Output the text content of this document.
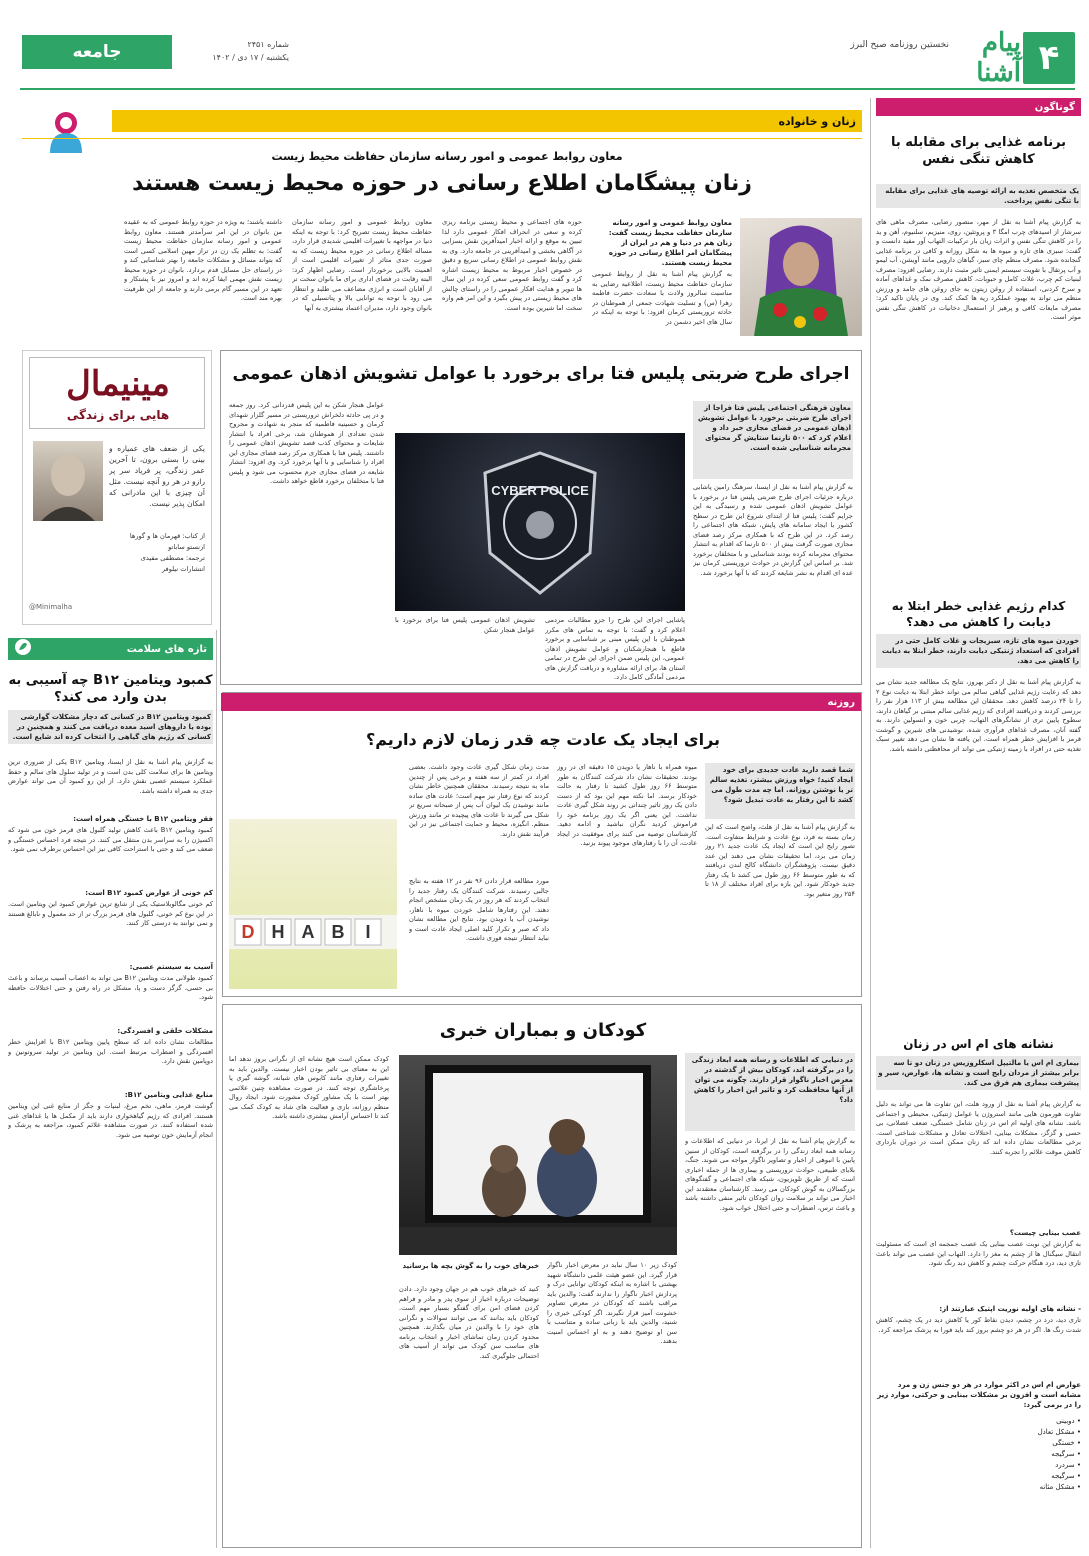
۴
پیام آشنا
نخستین روزنامه صبح البرز
شماره ۲۴۵۱
یکشنبه / ۱۷ دی / ۱۴۰۲
جامعه
گوناگون
برنامه غذایی برای مقابله با کاهش تنگی نفس
یک متخصص تغذیه به ارائه توصیه های غذایی برای مقابله با تنگی نفس پرداخت.
به گزارش پیام آشنا به نقل از مهر، منصور رضایی، مصرف ماهی های سرشار از اسیدهای چرب امگا ۳ و پروتئین، روی، منیزیم، سلنیوم، آهن و ید را در کاهش تنگی نفس و اثرات زیان بار ترکیبات التهاب آور مفید دانست و گفت: سبزی های تازه و میوه ها به شکل روزانه و کافی در برنامه غذایی گنجانده شود. مصرف منظم چای سبز، گیاهان دارویی مانند آویشن، آب لیمو و آب پرتقال با تقویت سیستم ایمنی تاثیر مثبت دارند. رضایی افزود: مصرف لبنیات کم چرب، غلات کامل و حبوبات، کاهش مصرف نمک و غذاهای آماده و سرخ کردنی، استفاده از روغن زیتون به جای روغن های جامد و ورزش منظم می تواند به بهبود عملکرد ریه ها کمک کند. وی در پایان تاکید کرد: مصرف مایعات کافی و پرهیز از استعمال دخانیات در کاهش تنگی نفس موثر است.
کدام رژیم غذایی خطر ابتلا به دیابت را کاهش می دهد؟
خوردن میوه های تازه، سبزیجات و غلات کامل حتی در افرادی که استعداد ژنتیکی دیابت دارند، خطر ابتلا به دیابت را کاهش می دهد.
به گزارش پیام آشنا به نقل از دکتر بهروز، نتایج یک مطالعه جدید نشان می دهد که رعایت رژیم غذایی گیاهی سالم می تواند خطر ابتلا به دیابت نوع ۲ را تا ۲۴ درصد کاهش دهد. محققان این مطالعه بیش از ۱۱۳ هزار نفر را بررسی کردند و دریافتند افرادی که رژیم غذایی سالم مبتنی بر گیاهان دارند، سطوح پایین تری از نشانگرهای التهاب، چربی خون و انسولین دارند. به گفته آنان، مصرف غذاهای فرآوری شده، نوشیدنی های شیرین و گوشت قرمز با افزایش خطر همراه است. این یافته ها نشان می دهد تغییر سبک تغذیه حتی در افراد با زمینه ژنتیکی می تواند اثر محافظتی داشته باشد.
نشانه های ام اس در زنان
بیماری ام اس یا مالتیپل اسکلروزیس در زنان دو تا سه برابر بیشتر از مردان رایج است و نشانه ها، عوارض، سیر و پیشرفت بیماری هم فرق می کند.
به گزارش پیام آشنا به نقل از ورود هلت، این تفاوت ها می تواند به دلیل تفاوت هورمون هایی مانند استروژن یا عوامل ژنتیکی، محیطی و اجتماعی باشد. نشانه های اولیه ام اس در زنان شامل خستگی، ضعف عضلانی، بی حسی و گزگز، مشکلات بینایی، اختلالات تعادل و مشکلات شناختی است. برخی مطالعات نشان داده اند که زنان ممکن است در دوران بارداری کاهش موقت علائم را تجربه کنند.
عصب بینایی چیست؟
به گزارش این نوبت عصب بینایی یک عصب جمجمه ای است که مسئولیت انتقال سیگنال ها از چشم به مغز را دارد. التهاب این عصب می تواند باعث تاری دید، درد هنگام حرکت چشم و کاهش دید رنگ شود.
- نشانه های اولیه نوریت اپتیک عبارتند از:
تاری دید، درد در چشم، دیدن نقاط کور یا کاهش دید در یک چشم، کاهش شدت رنگ ها. اگر در هر دو چشم بروز کند باید فورا به پزشک مراجعه کرد.
عوارض ام اس در اکثر موارد در هر دو جنس زن و مرد مشابه است و افزون بر مشکلات بینایی و حرکتی، موارد زیر را در برمی گیرد:
• دوبینی
• مشکل تعادل
• خستگی
• سرگیجه
• سردرد
• سرگیجه
• مشکل مثانه
زنان و خانواده
معاون روابط عمومی و امور رسانه سازمان حفاظت محیط زیست
زنان پیشگامان اطلاع رسانی در حوزه محیط زیست هستند
معاون روابط عمومی و امور رسانه سازمان حفاظت محیط زیست گفت: زنان هم در دنیا و هم در ایران از پیشگامان امر اطلاع رسانی در حوزه محیط زیست هستند.
به گزارش پیام آشنا به نقل از روابط عمومی سازمان حفاظت محیط زیست، اطلاعیه رضایی به مناسبت سالروز ولادت با سعادت حضرت فاطمه زهرا (س) و تسلیت شهادت جمعی از هموطنان در حادثه تروریستی کرمان افزود: با توجه به اینکه در سال های اخیر دشمن در
حوزه های اجتماعی و محیط زیستی برنامه ریزی کرده و سعی در انحراف افکار عمومی دارد لذا تبیین به موقع و ارائه اخبار امیدآفرین نقش بسزایی در آگاهی بخشی و امیدآفرینی در جامعه دارد. وی به نقش روابط عمومی در اطلاع رسانی سریع و دقیق در خصوص اخبار مربوط به محیط زیست اشاره کرد و گفت روابط عمومی سعی کرده در این سال ها تنویر و هدایت افکار عمومی را در راستای چالش های محیط زیستی در پیش بگیرد و این امر هم واره سخت اما شیرین بوده است.
معاون روابط عمومی و امور رسانه سازمان حفاظت محیط زیست تصریح کرد: با توجه به اینکه دنیا در مواجهه با تغییرات اقلیمی شدیدی قرار دارد، مساله اطلاع رسانی در حوزه محیط زیست که به صورت جدی متاثر از تغییرات اقلیمی است از اهمیت بالایی برخوردار است. رضایی اظهار کرد: البته رقابت در فضای اداری برای ما بانوان سخت تر از آقایان است و انرژی مضاعف می طلبد و انتظار می رود با توجه به توانایی بالا و پتانسیلی که در بانوان وجود دارد، مدیران اعتماد بیشتری به آنها
داشته باشند؛ به ویژه در حوزه روابط عمومی که به عقیده من بانوان در این امر سرآمدتر هستند. معاون روابط عمومی و امور رسانه سازمان حفاظت محیط زیست گفت: به تظلم یک زن در تراز مهین اسلامی کسی است که بتواند مسائل و مشکلات جامعه را بهتر شناسایی کند و در راستای حل مسایل قدم بردارد. بانوان در حوزه محیط زیست نقش مهمی ایفا کرده اند و امروز نیز با پشتکار و تعهد در این مسیر گام برمی دارند و جامعه از این ظرفیت بهره مند است.
مینیمال
هایی برای زندگی
یکی از ضعف های عمیاره و بینی را بستی برون، تا آخرین عمر زندگی، پر فریاد سر پر رازو در هر رو آنچه نیست. مثل آن چیزی با این مادرانی که امکان پذیر نیست.
از کتاب: قهرمان ها و گورها
ارنستو ساباتو
ترجمه: مصطفی مفیدی
انتشارات نیلوفر
@Minimalha
اجرای طرح ضربتی پلیس فتا برای برخورد با عوامل تشویش اذهان عمومی
معاون فرهنگی اجتماعی پلیس فتا فراجا از اجرای طرح ضربتی برخورد با عوامل تشویش اذهان عمومی در فضای مجازی خبر داد و اعلام کرد که ۵۰۰ تارنما ستایش گر محتوای مجرمانه شناسایی شده است.
به گزارش پیام آشنا به نقل از ایسنا، سرهنگ رامین پاشایی درباره جزئیات اجرای طرح ضربتی پلیس فتا در برخورد با عوامل تشویش اذهان عمومی شده و رسیدگی به این جرایم گفت: پلیس فتا از ابتدای شروع این طرح در سطح کشور با ایجاد سامانه های پایش، شبکه های اجتماعی را رصد کرد. در این طرح که با همکاری مرکز رصد فضای مجازی صورت گرفت بیش از ۵۰۰ تارنما که اقدام به انتشار محتوای مجرمانه کرده بودند شناسایی و با متخلفان برخورد شد. بر اساس این گزارش در حوادث تروریستی کرمان نیز عده ای اقدام به نشر شایعه کردند که با آنها برخورد شد.
CYBER POLICE
پاشایی اجرای این طرح را جزو مطالبات مردمی اعلام کرد و گفت: با توجه به تماس های مکرر هموطنان با این پلیس مبنی بر شناسایی و برخورد قاطع با هنجارشکنان و عوامل تشویش اذهان عمومی، این پلیس ضمن اجرای این طرح در تمامی استان ها، برای ارائه مشاوره و دریافت گزارش های مردمی آمادگی کامل دارد.
تشویش اذهان عمومی پلیس فتا برای برخورد با عوامل هنجار شکن
عوامل هنجار شکن به این پلیس قدردانی کرد. روز جمعه و در پی حادثه دلخراش تروریستی در مسیر گلزار شهدای کرمان و حسینیه فاطمیه که منجر به شهادت و مجروح شدن تعدادی از هموطنان شد، برخی افراد با انتشار شایعات و محتوای کذب قصد تشویش اذهان عمومی را داشتند. پلیس فتا با همکاری مرکز رصد فضای مجازی این افراد را شناسایی و با آنها برخورد کرد. وی افزود: انتشار شایعه در فضای مجازی جرم محسوب می شود و پلیس فتا با متخلفان برخورد قاطع خواهد داشت.
تازه های سلامت
کمبود ویتامین B۱۲ چه آسیبی به بدن وارد می کند؟
کمبود ویتامین B۱۲ در کسانی که دچار مشکلات گوارشی بوده یا داروهای اسید معده دریافت می کنند و همچنین در کسانی که رژیم های گیاهی را انتخاب کرده اند شایع است.
به گزارش پیام آشنا به نقل از ایسنا، ویتامین B۱۲ یکی از ضروری ترین ویتامین ها برای سلامت کلی بدن است و در تولید سلول های سالم و حفظ عملکرد سیستم عصبی نقش دارد. از این رو کمبود آن می تواند عوارض جدی به همراه داشته باشد.
فقر ویتامین B۱۲ با خستگی همراه است:
کمبود ویتامین B۱۲ باعث کاهش تولید گلبول های قرمز خون می شود که اکسیژن را به سراسر بدن منتقل می کنند. در نتیجه فرد احساس خستگی و ضعف می کند و حتی با استراحت کافی نیز این احساس برطرف نمی شود.
کم خونی از عوارض کمبود B۱۲ است:
کم خونی مگالوبلاستیک یکی از شایع ترین عوارض کمبود این ویتامین است. در این نوع کم خونی، گلبول های قرمز بزرگ تر از حد معمول و نابالغ هستند و نمی توانند به درستی کار کنند.
آسیب به سیستم عصبی:
کمبود طولانی مدت ویتامین B۱۲ می تواند به اعصاب آسیب برساند و باعث بی حسی، گزگز دست و پا، مشکل در راه رفتن و حتی اختلالات حافظه شود.
مشکلات خلقی و افسردگی:
مطالعات نشان داده اند که سطح پایین ویتامین B۱۲ با افزایش خطر افسردگی و اضطراب مرتبط است. این ویتامین در تولید سروتونین و دوپامین نقش دارد.
منابع غذایی ویتامین B۱۲:
گوشت قرمز، ماهی، تخم مرغ، لبنیات و جگر از منابع غنی این ویتامین هستند. افرادی که رژیم گیاهخواری دارند باید از مکمل ها یا غذاهای غنی شده استفاده کنند. در صورت مشاهده علائم کمبود، مراجعه به پزشک و انجام آزمایش خون توصیه می شود.
روزنه
برای ایجاد یک عادت چه قدر زمان لازم داریم؟
شما قصد دارید عادت جدیدی برای خود ایجاد کنید؛ خواه ورزش بیشتر، تغذیه سالم تر یا نوشتن روزانه. اما چه مدت طول می کشد تا این رفتار به عادت تبدیل شود؟
به گزارش پیام آشنا به نقل از هلث، واضح است که این زمان بسته به فرد، نوع عادت و شرایط متفاوت است. تصور رایج این است که ایجاد یک عادت جدید ۲۱ روز زمان می برد، اما تحقیقات نشان می دهند این عدد دقیق نیست. پژوهشگران دانشگاه کالج لندن دریافتند که به طور متوسط ۶۶ روز طول می کشد تا یک رفتار جدید خودکار شود. این بازه برای افراد مختلف از ۱۸ تا ۲۵۴ روز متغیر بود.
میوه همراه با ناهار یا دویدن ۱۵ دقیقه ای در روز بودند. تحقیقات نشان داد شرکت کنندگان به طور متوسط ۶۶ روز طول کشید تا رفتار به حالت خودکار برسد. اما نکته مهم این بود که از دست دادن یک روز تاثیر چندانی بر روند شکل گیری عادت نداشت. این یعنی اگر یک روز برنامه خود را فراموش کردید نگران نباشید و ادامه دهید. کارشناسان توصیه می کنند برای موفقیت در ایجاد عادت، آن را با رفتارهای موجود پیوند بزنید.
مدت زمان شکل گیری عادت وجود داشت. بعضی افراد در کمتر از سه هفته و برخی پس از چندین ماه به نتیجه رسیدند. محققان همچنین خاطر نشان کردند که نوع رفتار نیز مهم است؛ عادت های ساده مانند نوشیدن یک لیوان آب پس از صبحانه سریع تر شکل می گیرند تا عادت های پیچیده تر مانند ورزش منظم. انگیزه، محیط و حمایت اجتماعی نیز در این فرآیند نقش دارند.
مورد مطالعه قرار دادن ۹۶ نفر در ۱۲ هفته به نتایج جالبی رسیدند. شرکت کنندگان یک رفتار جدید را انتخاب کردند که هر روز در یک زمان مشخص انجام دهند. این رفتارها شامل خوردن میوه با ناهار، نوشیدن آب یا دویدن بود. نتایج این مطالعه نشان داد که صبر و تکرار کلید اصلی ایجاد عادت است و نباید انتظار نتیجه فوری داشت.
D H A B I
کودکان و بمباران خبری
در دنیایی که اطلاعات و رسانه همه ابعاد زندگی را در برگرفته اند، کودکان بیش از گذشته در معرض اخبار ناگوار قرار دارند. چگونه می توان از آنها محافظت کرد و تاثیر این اخبار را کاهش داد؟
به گزارش پیام آشنا به نقل از ایرنا، در دنیایی که اطلاعات و رسانه همه ابعاد زندگی را در برگرفته است، کودکان از سنین پایین با انبوهی از اخبار و تصاویر ناگوار مواجه می شوند. جنگ، بلایای طبیعی، حوادث تروریستی و بیماری ها از جمله اخباری است که از طریق تلویزیون، شبکه های اجتماعی و گفتگوهای بزرگسالان به گوش کودکان می رسد. کارشناسان معتقدند این اخبار می تواند بر سلامت روان کودکان تاثیر منفی داشته باشد و باعث ترس، اضطراب و حتی اختلال خواب شود.
کودک زیر ۱۰ سال نباید در معرض اخبار ناگوار قرار گیرد. این عضو هیئت علمی دانشگاه شهید بهشتی با اشاره به اینکه کودکان توانایی درک و پردازش اخبار ناگوار را ندارند گفت: والدین باید مراقب باشند که کودکان در معرض تصاویر خشونت آمیز قرار نگیرند. اگر کودکی خبری را شنید، والدین باید با زبانی ساده و متناسب با سن او توضیح دهند و به او احساس امنیت بدهند.
خبرهای خوب را به گوش بچه ها برسانید
کنید که خبرهای خوب هم در جهان وجود دارد. دادن توضیحات درباره اخبار از سوی پدر و مادر و فراهم کردن فضای امن برای گفتگو بسیار مهم است. کودکان باید بدانند که می توانند سوالات و نگرانی های خود را با والدین در میان بگذارند. همچنین محدود کردن زمان تماشای اخبار و انتخاب برنامه های مناسب سن کودک می تواند از آسیب های احتمالی جلوگیری کند.
کودک ممکن است هیچ نشانه ای از نگرانی بروز ندهد اما این به معنای بی تاثیر بودن اخبار نیست. والدین باید به تغییرات رفتاری مانند کابوس های شبانه، گوشه گیری یا پرخاشگری توجه کنند. در صورت مشاهده چنین علائمی بهتر است با یک مشاور کودک مشورت شود. ایجاد روال منظم روزانه، بازی و فعالیت های شاد به کودک کمک می کند تا احساس آرامش بیشتری داشته باشد.
